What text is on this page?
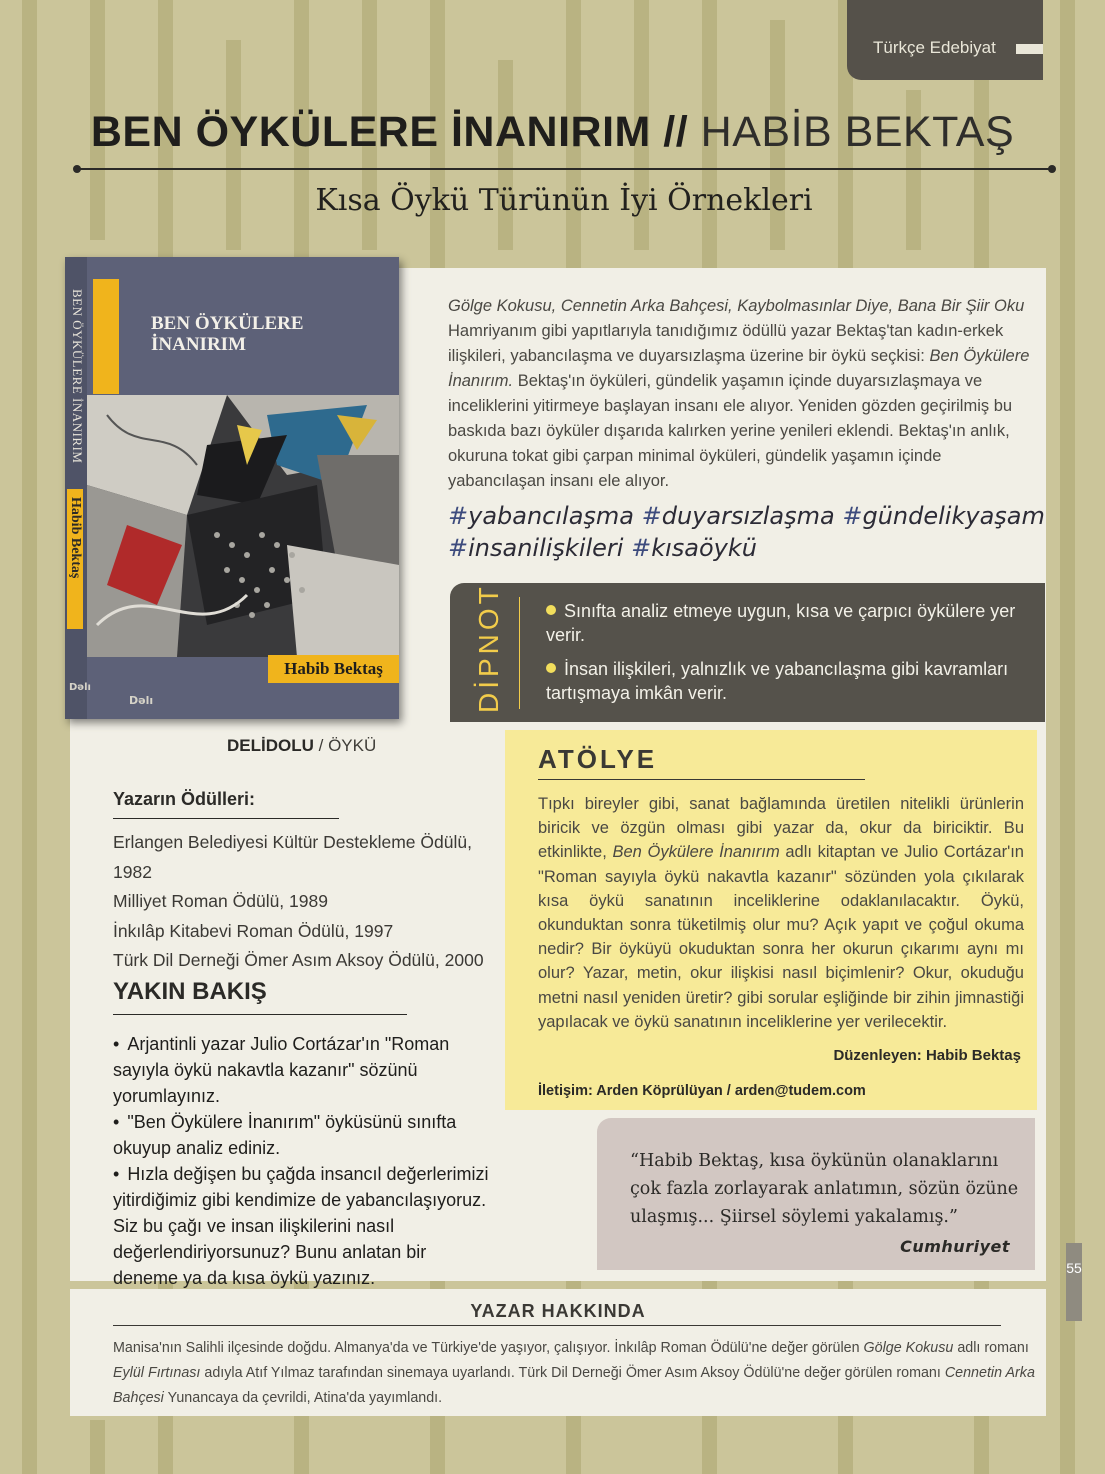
Türkçe Edebiyat
BEN ÖYKÜLERE İNANIRIM // HABİB BEKTAŞ
Kısa Öykü Türünün İyi Örnekleri
BEN ÖYKÜLERE İNANIRIM
Habib Bektaş
BEN ÖYKÜLERE
İNANIRIM
Habib Bektaş
Dəlı
Dəlı

Gölge Kokusu, Cennetin Arka Bahçesi, Kaybolmasınlar Diye, Bana Bir Şiir Oku Hamriyanım gibi yapıtlarıyla tanıdığımız ödüllü yazar Bektaş'tan kadın-erkek ilişkileri, yabancılaşma ve duyarsızlaşma üzerine bir öykü seçkisi: Ben Öykülere İnanırım. Bektaş'ın öyküleri, gündelik yaşamın içinde duyarsızlaşmaya ve inceliklerini yitirmeye başlayan insanı ele alıyor. Yeniden gözden geçirilmiş bu baskıda bazı öyküler dışarıda kalırken yerine yenileri eklendi. Bektaş'ın anlık, okuruna tokat gibi çarpan minimal öyküleri, gündelik yaşamın içinde yabancılaşan insanı ele alıyor.

#yabancılaşma #duyarsızlaşma #gündelikyaşam
#insanilişkileri #kısaöykü
DİPNOT	Sınıfta analiz etmeye uygun, kısa ve çarpıcı öykülere yer verir.
İnsan ilişkileri, yalnızlık ve yabancılaşma gibi kavramları tartışmaya imkân verir.
DELİDOLU / ÖYKÜ
Yazarın Ödülleri:
Erlangen Belediyesi Kültür Destekleme Ödülü, 1982
Milliyet Roman Ödülü, 1989
İnkılâp Kitabevi Roman Ödülü, 1997
Türk Dil Derneği Ömer Asım Aksoy Ödülü, 2000
YAKIN BAKIŞ
• Arjantinli yazar Julio Cortázar'ın "Roman sayıyla öykü nakavtla kazanır" sözünü yorumlayınız.
• "Ben Öykülere İnanırım" öyküsünü sınıfta okuyup analiz ediniz.
• Hızla değişen bu çağda insancıl değerlerimizi yitirdiğimiz gibi kendimize de yabancılaşıyoruz. Siz bu çağı ve insan ilişkilerini nasıl değerlendiriyorsunuz? Bunu anlatan bir deneme ya da kısa öykü yazınız.
ATÖLYE

Tıpkı bireyler gibi, sanat bağlamında üretilen nitelikli ürünlerin biricik ve özgün olması gibi yazar da, okur da biriciktir. Bu etkinlikte, Ben Öykülere İnanırım adlı kitaptan ve Julio Cortázar'ın "Roman sayıyla öykü nakavtla kazanır" sözünden yola çıkılarak kısa öykü sanatının inceliklerine odaklanılacaktır. Öykü, okunduktan sonra tüketilmiş olur mu? Açık yapıt ve çoğul okuma nedir? Bir öyküyü okuduktan sonra her okurun çıkarımı aynı mı olur? Yazar, metin, okur ilişkisi nasıl biçimlenir? Okur, okuduğu metni nasıl yeniden üretir? gibi sorular eşliğinde bir zihin jimnastiği yapılacak ve öykü sanatının inceliklerine yer verilecektir.

Düzenleyen: Habib Bektaş
İletişim: Arden Köprülüyan / arden@tudem.com

“Habib Bektaş, kısa öykünün olanaklarını çok fazla zorlayarak anlatımın, sözün özüne ulaşmış... Şiirsel söylemi yakalamış.”

Cumhuriyet
55
YAZAR HAKKINDA

Manisa'nın Salihli ilçesinde doğdu. Almanya'da ve Türkiye'de yaşıyor, çalışıyor. İnkılâp Roman Ödülü'ne değer görülen Gölge Kokusu adlı romanı Eylül Fırtınası adıyla Atıf Yılmaz tarafından sinemaya uyarlandı. Türk Dil Derneği Ömer Asım Aksoy Ödülü'ne değer görülen romanı Cennetin Arka Bahçesi Yunancaya da çevrildi, Atina'da yayımlandı.
